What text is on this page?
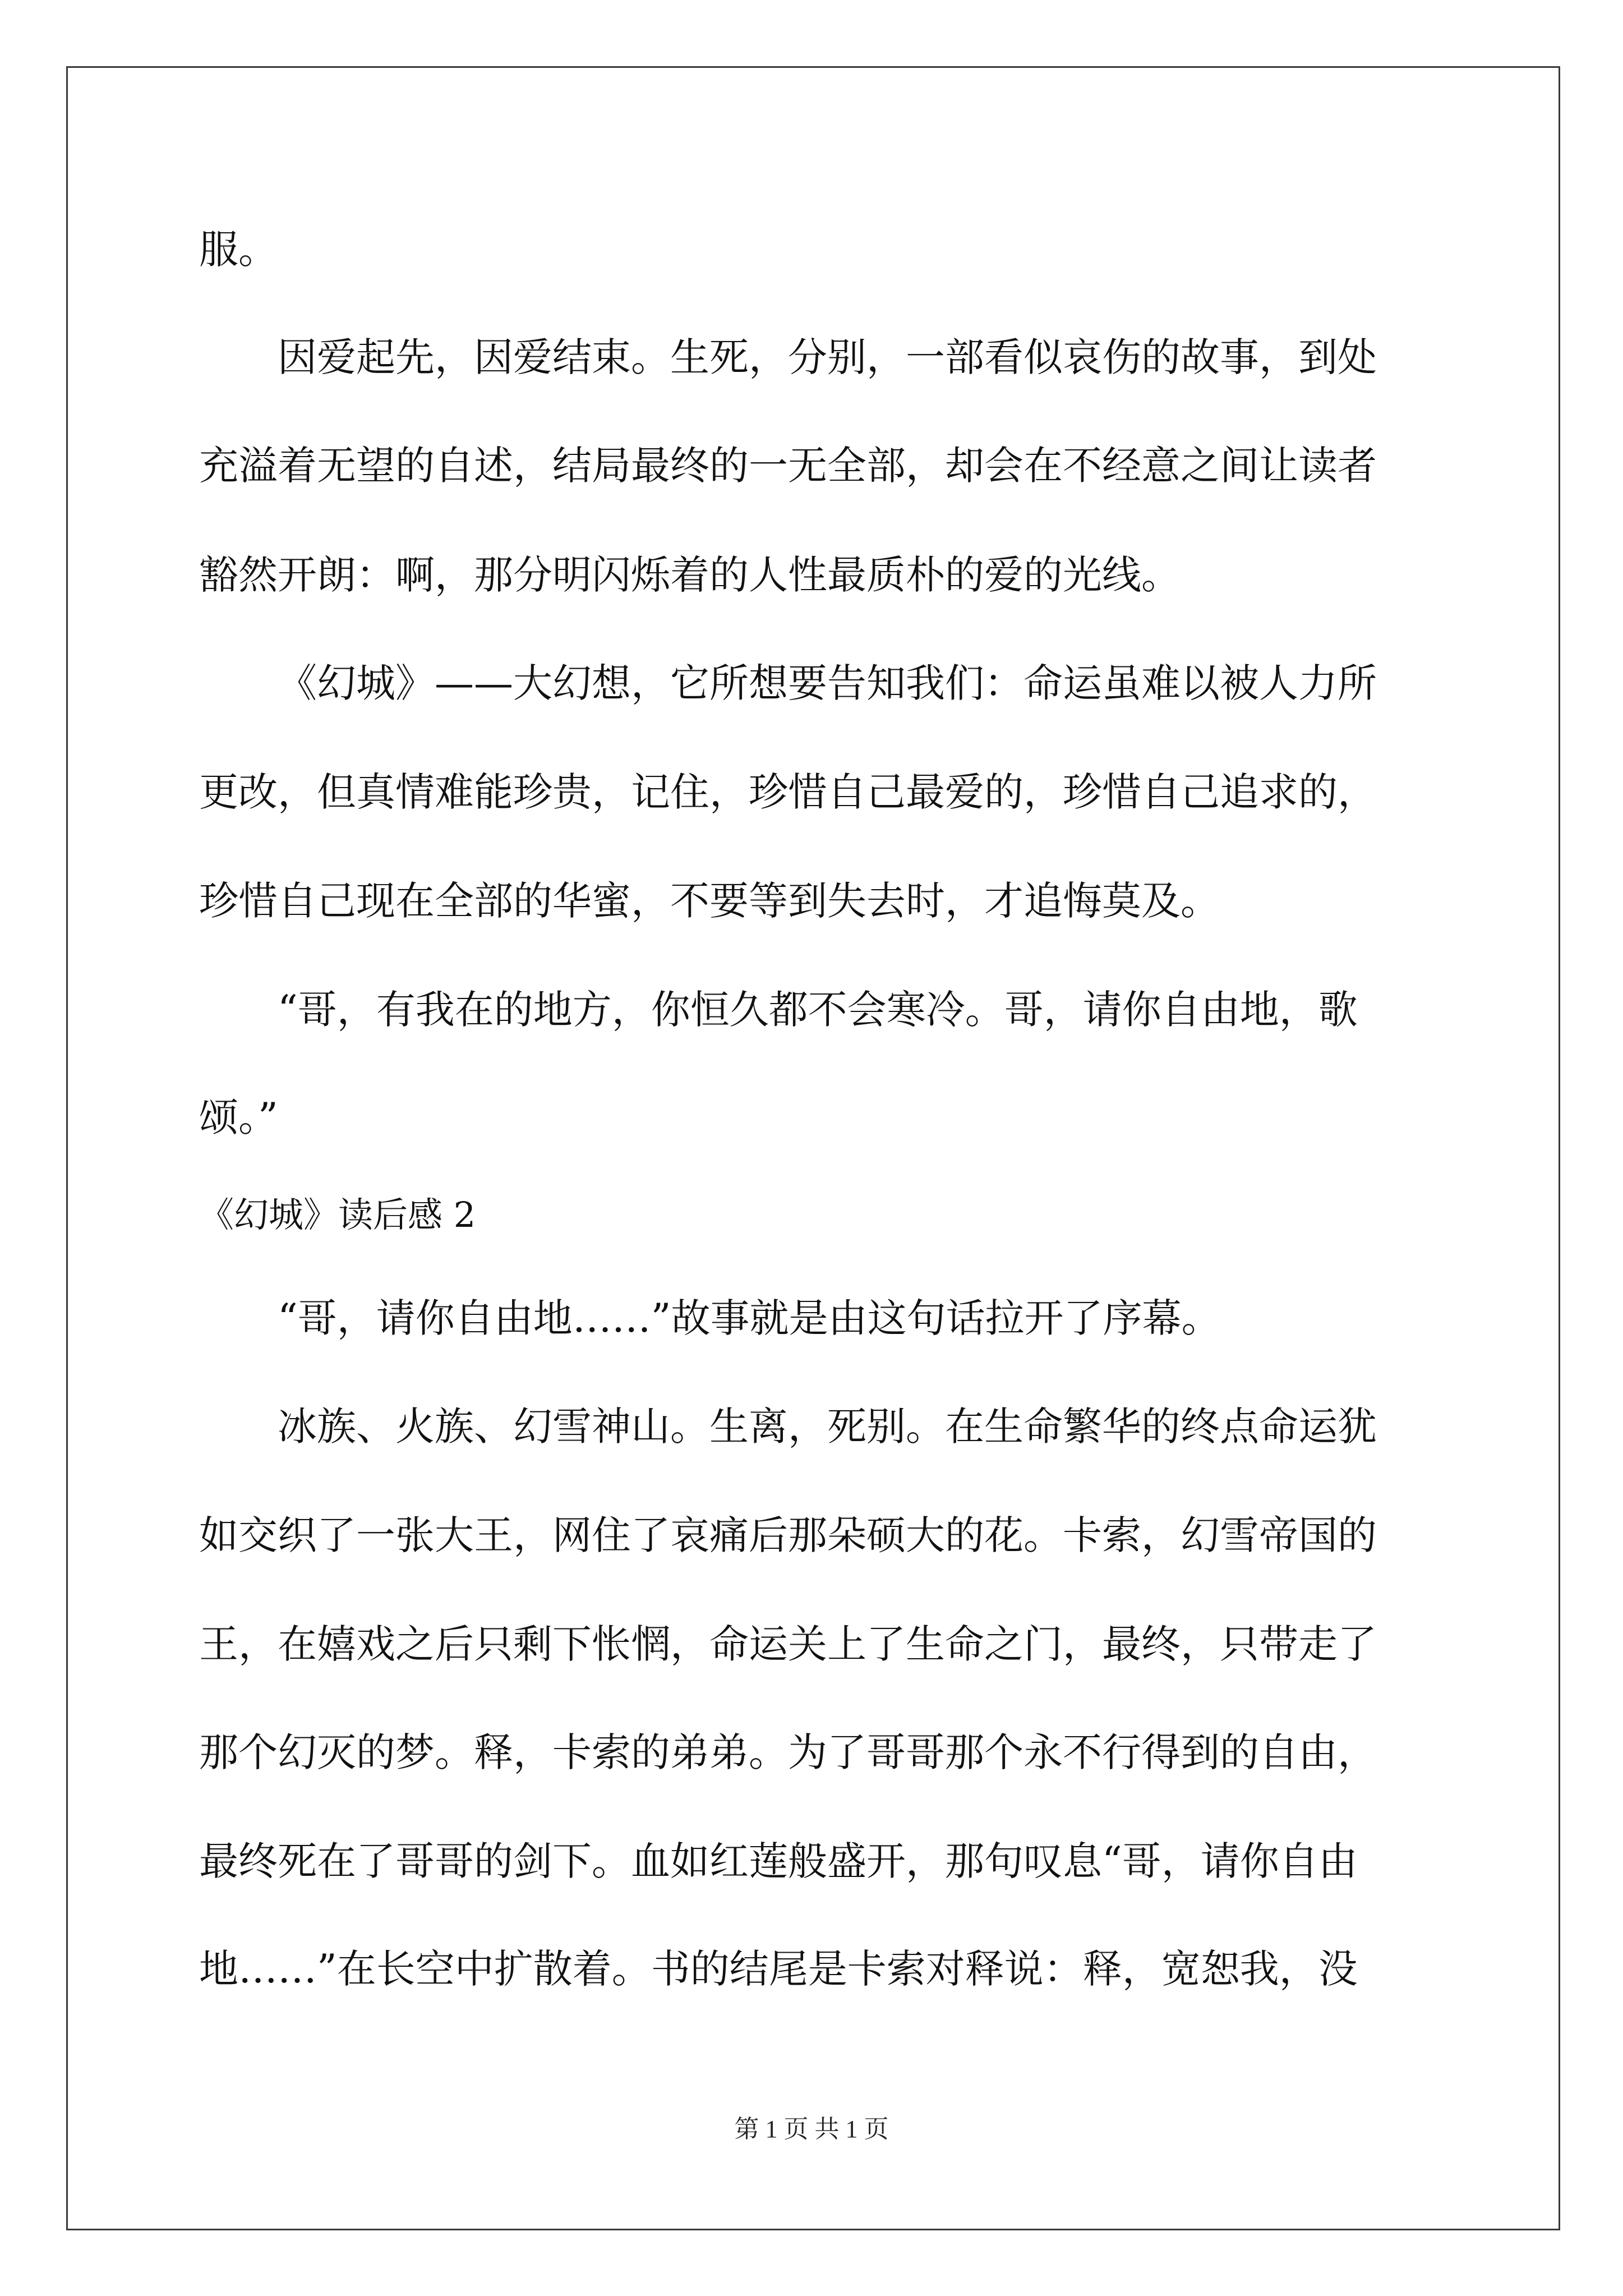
服。
因爱起先，因爱结束。生死，分别，一部看似哀伤的故事，到处
充溢着无望的自述，结局最终的一无全部，却会在不经意之间让读者
豁然开朗：啊，那分明闪烁着的人性最质朴的爱的光线。
《幻城》——大幻想，它所想要告知我们：命运虽难以被人力所
更改，但真情难能珍贵，记住，珍惜自己最爱的，珍惜自己追求的，
珍惜自己现在全部的华蜜，不要等到失去时，才追悔莫及。
“哥，有我在的地方，你恒久都不会寒冷。哥，请你自由地，歌
颂。”
《幻城》读后感 2
“哥，请你自由地……”故事就是由这句话拉开了序幕。
冰族、火族、幻雪神山。生离，死别。在生命繁华的终点命运犹
如交织了一张大王，网住了哀痛后那朵硕大的花。卡索，幻雪帝国的
王，在嬉戏之后只剩下怅惘，命运关上了生命之门，最终，只带走了
那个幻灭的梦。释，卡索的弟弟。为了哥哥那个永不行得到的自由，
最终死在了哥哥的剑下。血如红莲般盛开，那句叹息“哥，请你自由
地……”在长空中扩散着。书的结尾是卡索对释说：释，宽恕我，没
第 1 页 共 1 页
